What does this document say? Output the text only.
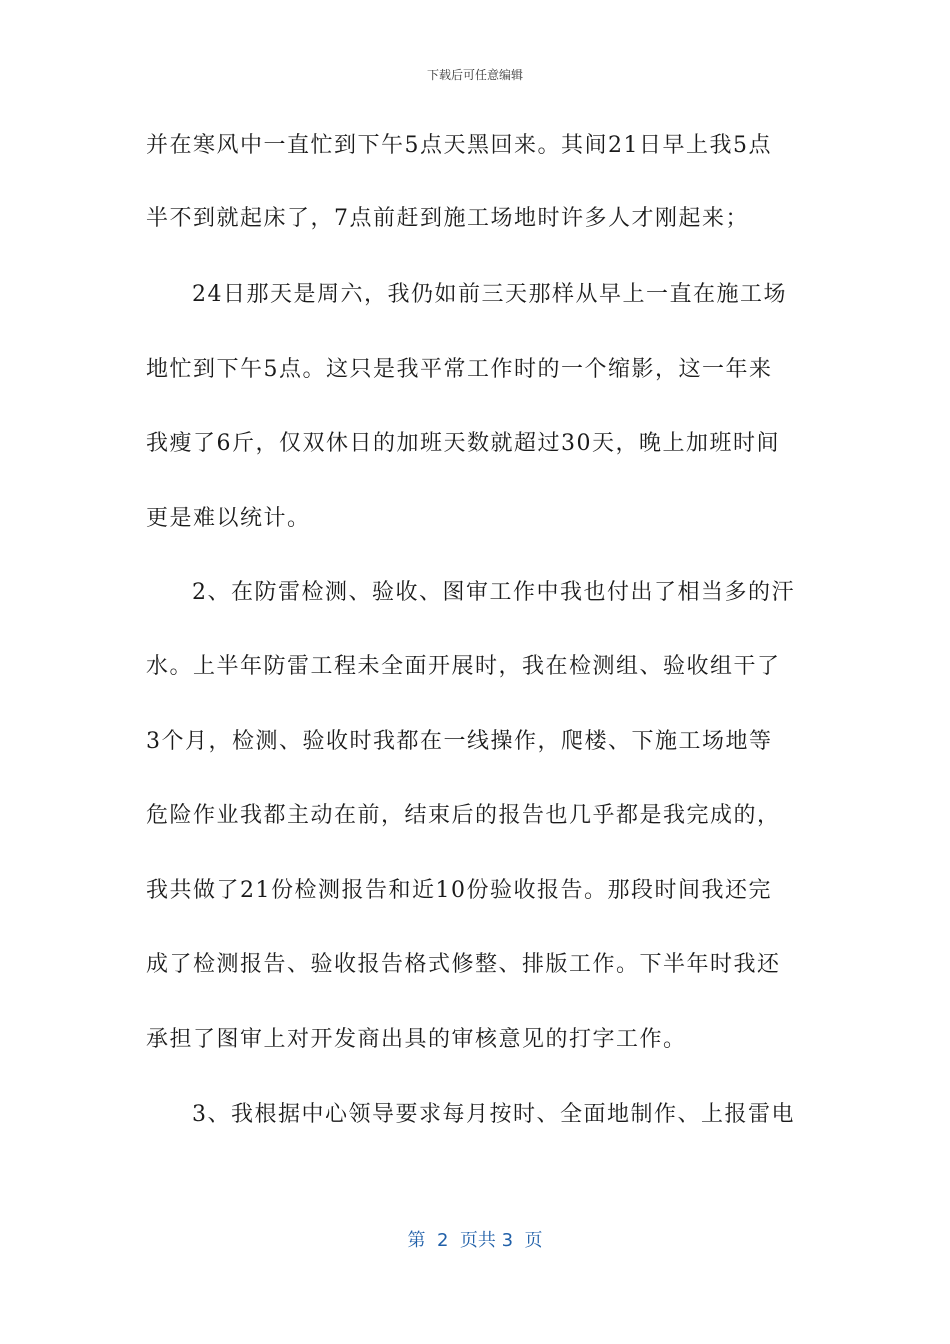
下载后可任意编辑
并在寒风中一直忙到下午5点天黑回来。其间21日早上我5点
半不到就起床了，7点前赶到施工场地时许多人才刚起来；
24日那天是周六，我仍如前三天那样从早上一直在施工场
地忙到下午5点。这只是我平常工作时的一个缩影，这一年来
我瘦了6斤，仅双休日的加班天数就超过30天，晚上加班时间
更是难以统计。
2、在防雷检测、验收、图审工作中我也付出了相当多的汗
水。上半年防雷工程未全面开展时，我在检测组、验收组干了
3个月，检测、验收时我都在一线操作，爬楼、下施工场地等
危险作业我都主动在前，结束后的报告也几乎都是我完成的，
我共做了21份检测报告和近10份验收报告。那段时间我还完
成了检测报告、验收报告格式修整、排版工作。下半年时我还
承担了图审上对开发商出具的审核意见的打字工作。
3、我根据中心领导要求每月按时、全面地制作、上报雷电
第  2  页共 3  页
